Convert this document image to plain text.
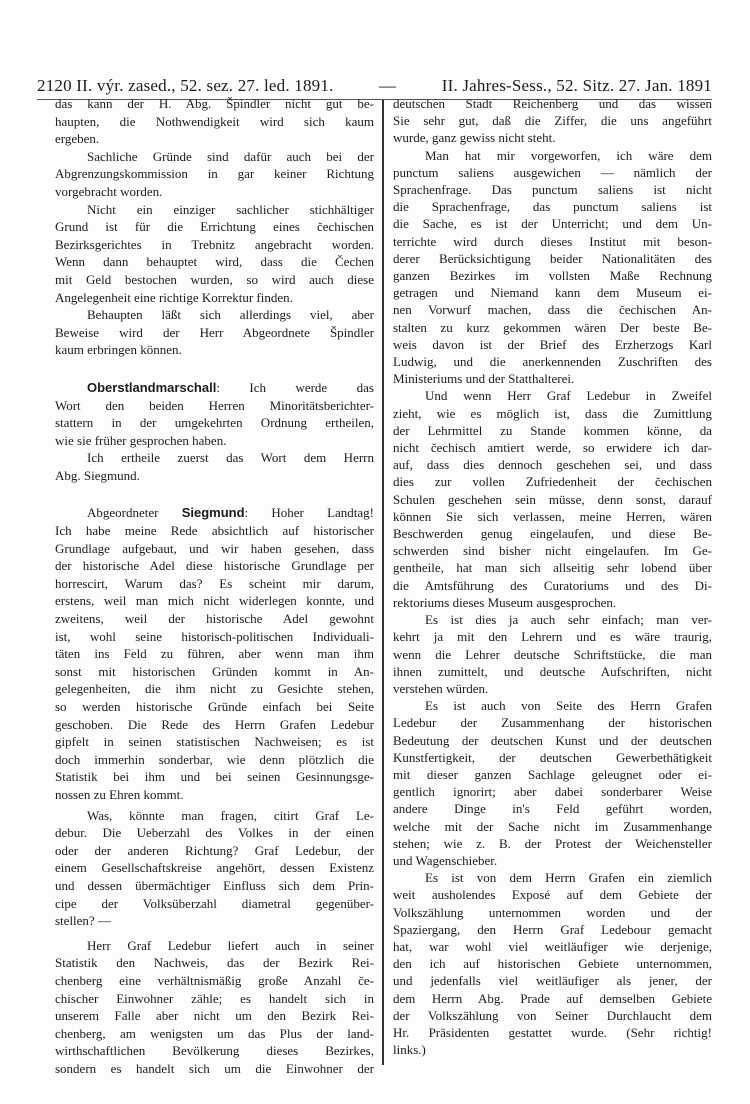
2120 II. výr. zased., 52. sez. 27. led. 1891.	—	II. Jahres-Sess., 52. Sitz. 27. Jan. 1891
das kann der H. Abg. Špindler nicht gut be-
haupten, die Nothwendigkeit wird sich kaum
ergeben.
Sachliche Gründe sind dafür auch bei der
Abgrenzungskommission in gar keiner Richtung
vorgebracht worden.
Nicht ein einziger sachlicher stichhältiger
Grund ist für die Errichtung eines čechischen
Bezirksgerichtes in Trebnitz angebracht worden.
Wenn dann behauptet wird, dass die Čechen
mit Geld bestochen wurden, so wird auch diese
Angelegenheit eine richtige Korrektur finden.
Behaupten läßt sich allerdings viel, aber
Beweise wird der Herr Abgeordnete Špindler
kaum erbringen können.
Oberstlandmarschall: Ich werde das
Wort den beiden Herren Minoritätsberichter-
stattern in der umgekehrten Ordnung ertheilen,
wie sie früher gesprochen haben.
Ich ertheile zuerst das Wort dem Herrn
Abg. Siegmund.
Abgeordneter Siegmund: Hoher Landtag!
Ich habe meine Rede absichtlich auf historischer
Grundlage aufgebaut, und wir haben gesehen, dass
der historische Adel diese historische Grundlage per
horrescirt, Warum das? Es scheint mir darum,
erstens, weil man mich nicht widerlegen konnte, und
zweitens, weil der historische Adel gewohnt
ist, wohl seine historisch-politischen Individuali-
täten ins Feld zu führen, aber wenn man ihm
sonst mit historischen Gründen kommt in An-
gelegenheiten, die ihm nicht zu Gesichte stehen,
so werden historische Gründe einfach bei Seite
geschoben. Die Rede des Herrn Grafen Ledebur
gipfelt in seinen statistischen Nachweisen; es ist
doch immerhin sonderbar, wie denn plötzlich die
Statistik bei ihm und bei seinen Gesinnungsge-
nossen zu Ehren kommt.
Was, könnte man fragen, citirt Graf Le-
debur. Die Ueberzahl des Volkes in der einen
oder der anderen Richtung? Graf Ledebur, der
einem Gesellschaftskreise angehört, dessen Existenz
und dessen übermächtiger Einfluss sich dem Prin-
cipe der Volksüberzahl diametral gegenüber-
stellen? —
Herr Graf Ledebur liefert auch in seiner
Statistik den Nachweis, das der Bezirk Rei-
chenberg eine verhältnismäßig große Anzahl če-
chischer Einwohner zähle; es handelt sich in
unserem Falle aber nicht um den Bezirk Rei-
chenberg, am wenigsten um das Plus der land-
wirthschaftlichen Bevölkerung dieses Bezirkes,
sondern es handelt sich um die Einwohner der
deutschen Stadt Reichenberg und das wissen
Sie sehr gut, daß die Ziffer, die uns angeführt
wurde, ganz gewiss nicht steht.
Man hat mir vorgeworfen, ich wäre dem
punctum saliens ausgewichen — nämlich der
Sprachenfrage. Das punctum saliens ist nicht
die Sprachenfrage, das punctum saliens ist
die Sache, es ist der Unterricht; und dem Un-
terrichte wird durch dieses Institut mit beson-
derer Berücksichtigung beider Nationalitäten des
ganzen Bezirkes im vollsten Maße Rechnung
getragen und Niemand kann dem Museum ei-
nen Vorwurf machen, dass die čechischen An-
stalten zu kurz gekommen wären Der beste Be-
weis davon ist der Brief des Erzherzogs Karl
Ludwig, und die anerkennenden Zuschriften des
Ministeriums und der Statthalterei.
Und wenn Herr Graf Ledebur in Zweifel
zieht, wie es möglich ist, dass die Zumittlung
der Lehrmittel zu Stande kommen könne, da
nicht čechisch amtiert werde, so erwidere ich dar-
auf, dass dies dennoch geschehen sei, und dass
dies zur vollen Zufriedenheit der čechischen
Schulen geschehen sein müsse, denn sonst, darauf
können Sie sich verlassen, meine Herren, wären
Beschwerden genug eingelaufen, und diese Be-
schwerden sind bisher nicht eingelaufen. Im Ge-
gentheile, hat man sich allseitig sehr lobend über
die Amtsführung des Curatoriums und des Di-
rektoriums dieses Museum ausgesprochen.
Es ist dies ja auch sehr einfach; man ver-
kehrt ja mit den Lehrern und es wäre traurig,
wenn die Lehrer deutsche Schriftstücke, die man
ihnen zumittelt, und deutsche Aufschriften, nicht
verstehen würden.
Es ist auch von Seite des Herrn Grafen
Ledebur der Zusammenhang der historischen
Bedeutung der deutschen Kunst und der deutschen
Kunstfertigkeit, der deutschen Gewerbethätigkeit
mit dieser ganzen Sachlage geleugnet oder ei-
gentlich ignorirt; aber dabei sonderbarer Weise
andere Dinge in's Feld geführt worden,
welche mit der Sache nicht im Zusammenhange
stehen; wie z. B. der Protest der Weichensteller
und Wagenschieber.
Es ist von dem Herrn Grafen ein ziemlich
weit ausholendes Exposé auf dem Gebiete der
Volkszählung unternommen worden und der
Spaziergang, den Herrn Graf Ledebour gemacht
hat, war wohl viel weitläufiger wie derjenige,
den ich auf historischen Gebiete unternommen,
und jedenfalls viel weitläufiger als jener, der
dem Herrn Abg. Prade auf demselben Gebiete
der Volkszählung von Seiner Durchlaucht dem
Hr. Präsidenten gestattet wurde. (Sehr richtig!
links.)
